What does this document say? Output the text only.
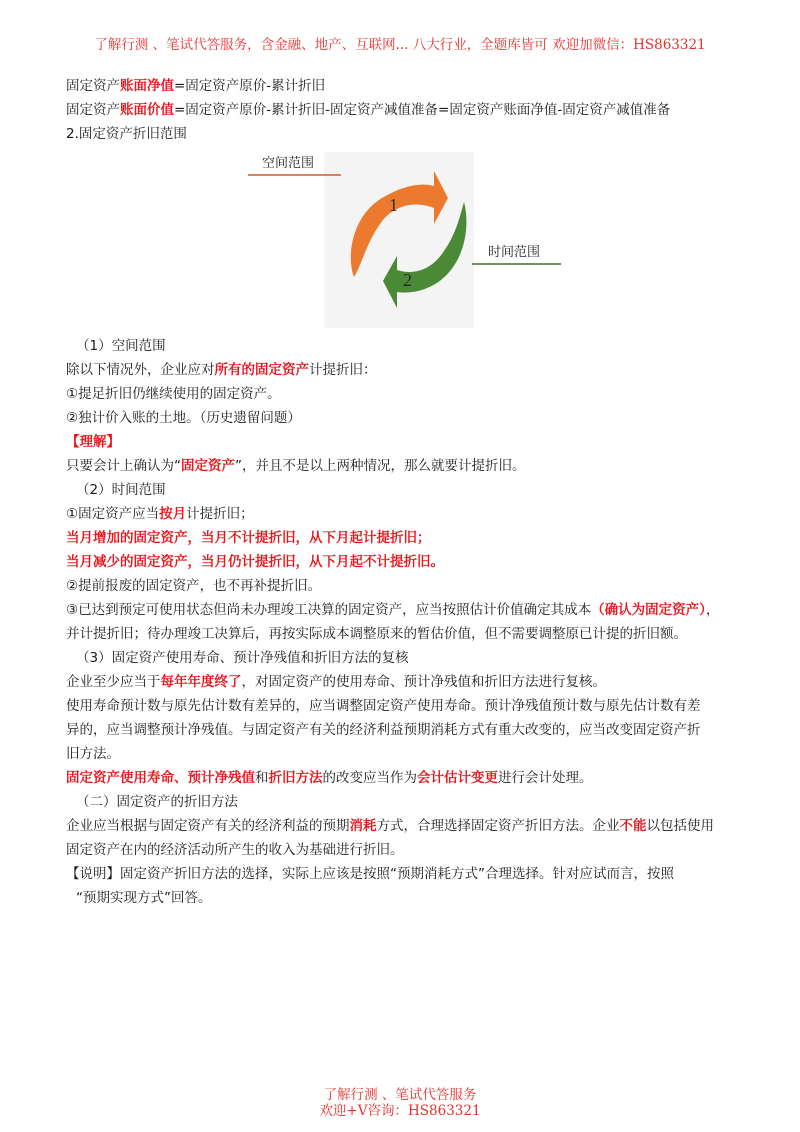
了解行测 、笔试代答服务，含金融、地产、互联网... 八大行业，全题库皆可 欢迎加微信：HS863321
固定资产账面净值=固定资产原价-累计折旧
固定资产账面价值=固定资产原价-累计折旧-固定资产减值准备=固定资产账面净值-固定资产减值准备
2.固定资产折旧范围
空间范围
时间范围
1
2
（1）空间范围
除以下情况外，企业应对所有的固定资产计提折旧：
①提足折旧仍继续使用的固定资产。
②独计价入账的土地。（历史遗留问题）
【理解】
只要会计上确认为“固定资产”，并且不是以上两种情况，那么就要计提折旧。
（2）时间范围
①固定资产应当按月计提折旧；
当月增加的固定资产，当月不计提折旧，从下月起计提折旧；
当月减少的固定资产，当月仍计提折旧，从下月起不计提折旧。
②提前报废的固定资产，也不再补提折旧。
③已达到预定可使用状态但尚未办理竣工决算的固定资产，应当按照估计价值确定其成本（确认为固定资产），
并计提折旧；待办理竣工决算后，再按实际成本调整原来的暂估价值，但不需要调整原已计提的折旧额。
（3）固定资产使用寿命、预计净残值和折旧方法的复核
企业至少应当于每年年度终了，对固定资产的使用寿命、预计净残值和折旧方法进行复核。
使用寿命预计数与原先估计数有差异的，应当调整固定资产使用寿命。预计净残值预计数与原先估计数有差
异的，应当调整预计净残值。与固定资产有关的经济利益预期消耗方式有重大改变的，应当改变固定资产折
旧方法。
固定资产使用寿命、预计净残值和折旧方法的改变应当作为会计估计变更进行会计处理。
（二）固定资产的折旧方法
企业应当根据与固定资产有关的经济利益的预期消耗方式，合理选择固定资产折旧方法。企业不能以包括使用
固定资产在内的经济活动所产生的收入为基础进行折旧。
【说明】固定资产折旧方法的选择，实际上应该是按照“预期消耗方式”合理选择。针对应试而言，按照
“预期实现方式”回答。
了解行测 、笔试代答服务
欢迎+V咨询：HS863321
